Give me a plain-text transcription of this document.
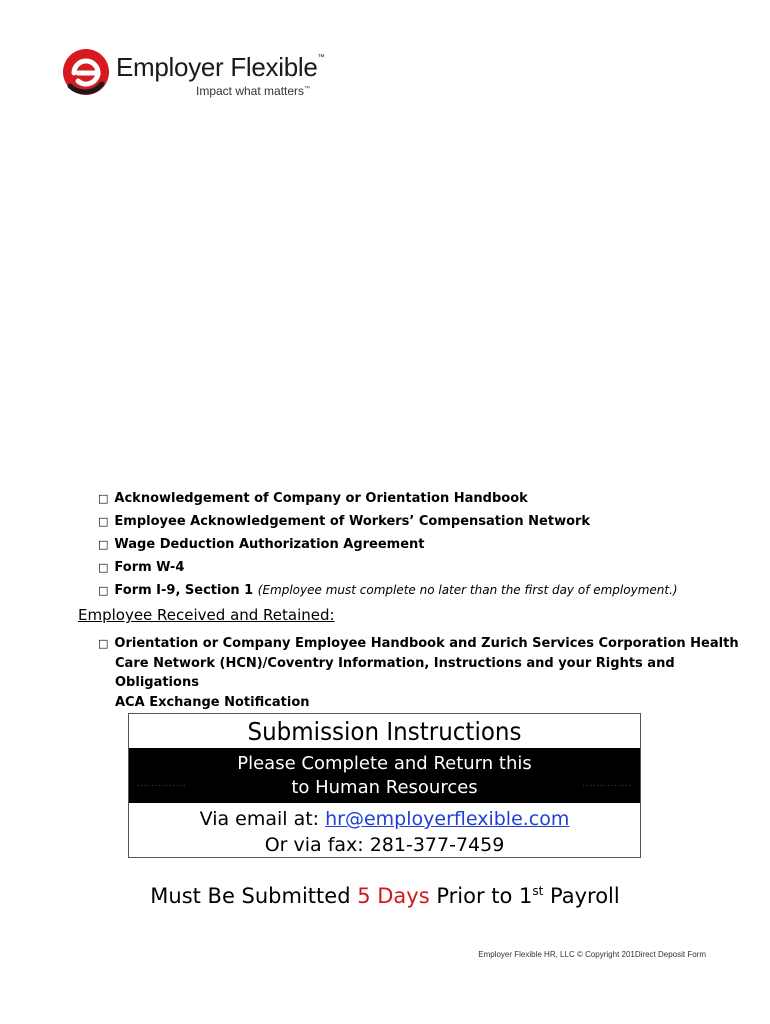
Employer Flexible™
Impact what matters™
□ Acknowledgement of Company or Orientation Handbook
□ Employee Acknowledgement of Workers’ Compensation Network
□ Wage Deduction Authorization Agreement
□ Form W-4
□ Form I-9, Section 1 (Employee must complete no later than the first day of employment.)
Employee Received and Retained:
□ Orientation or Company Employee Handbook and Zurich Services Corporation Health
Care Network (HCN)/Coventry Information, Instructions and your Rights and Obligations
ACA Exchange Notification
Submission Instructions
..............
Please Complete and Return this
to Human Resources	..............
Via email at: hr@employerflexible.com
Or via fax: 281-377-7459
Must Be Submitted 5 Days Prior to 1st Payroll
Employer Flexible HR, LLC © Copyright 201Direct Deposit Form
